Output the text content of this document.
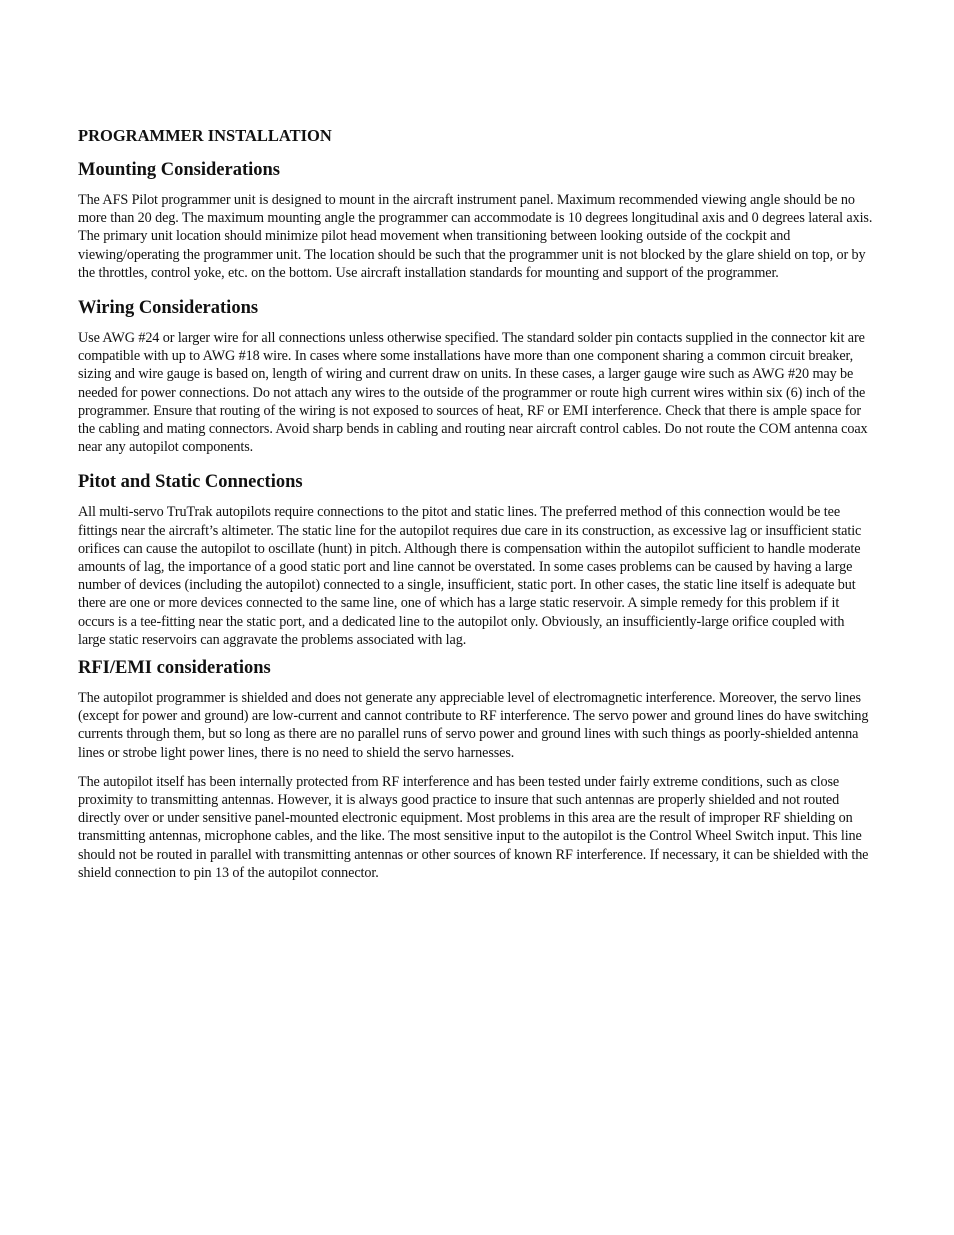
PROGRAMMER INSTALLATION
Mounting Considerations

The AFS Pilot programmer unit is designed to mount in the aircraft instrument panel. Maximum recommended viewing angle should be no more than 20 deg. The maximum mounting angle the programmer can accommodate is 10 degrees longitudinal axis and 0 degrees lateral axis. The primary unit location should minimize pilot head movement when transitioning between looking outside of the cockpit and viewing/operating the programmer unit. The location should be such that the programmer unit is not blocked by the glare shield on top, or by the throttles, control yoke, etc. on the bottom. Use aircraft installation standards for mounting and support of the programmer.

Wiring Considerations

Use AWG #24 or larger wire for all connections unless otherwise specified. The standard solder pin contacts supplied in the connector kit are compatible with up to AWG #18 wire. In cases where some installations have more than one component sharing a common circuit breaker, sizing and wire gauge is based on, length of wiring and current draw on units. In these cases, a larger gauge wire such as AWG #20 may be needed for power connections. Do not attach any wires to the outside of the programmer or route high current wires within six (6) inch of the programmer. Ensure that routing of the wiring is not exposed to sources of heat, RF or EMI interference. Check that there is ample space for the cabling and mating connectors. Avoid sharp bends in cabling and routing near aircraft control cables. Do not route the COM antenna coax near any autopilot components.

Pitot and Static Connections

All multi-servo TruTrak autopilots require connections to the pitot and static lines. The preferred method of this connection would be tee fittings near the aircraft’s altimeter. The static line for the autopilot requires due care in its construction, as excessive lag or insufficient static orifices can cause the autopilot to oscillate (hunt) in pitch. Although there is compensation within the autopilot sufficient to handle moderate amounts of lag, the importance of a good static port and line cannot be overstated. In some cases problems can be caused by having a large number of devices (including the autopilot) connected to a single, insufficient, static port. In other cases, the static line itself is adequate but there are one or more devices connected to the same line, one of which has a large static reservoir. A simple remedy for this problem if it occurs is a tee-fitting near the static port, and a dedicated line to the autopilot only. Obviously, an insufficiently-large orifice coupled with large static reservoirs can aggravate the problems associated with lag.

RFI/EMI considerations

The autopilot programmer is shielded and does not generate any appreciable level of electromagnetic interference. Moreover, the servo lines (except for power and ground) are low-current and cannot contribute to RF interference. The servo power and ground lines do have switching currents through them, but so long as there are no parallel runs of servo power and ground lines with such things as poorly-shielded antenna lines or strobe light power lines, there is no need to shield the servo harnesses.

The autopilot itself has been internally protected from RF interference and has been tested under fairly extreme conditions, such as close proximity to transmitting antennas. However, it is always good practice to insure that such antennas are properly shielded and not routed directly over or under sensitive panel-mounted electronic equipment. Most problems in this area are the result of improper RF shielding on transmitting antennas, microphone cables, and the like. The most sensitive input to the autopilot is the Control Wheel Switch input. This line should not be routed in parallel with transmitting antennas or other sources of known RF interference. If necessary, it can be shielded with the shield connection to pin 13 of the autopilot connector.
